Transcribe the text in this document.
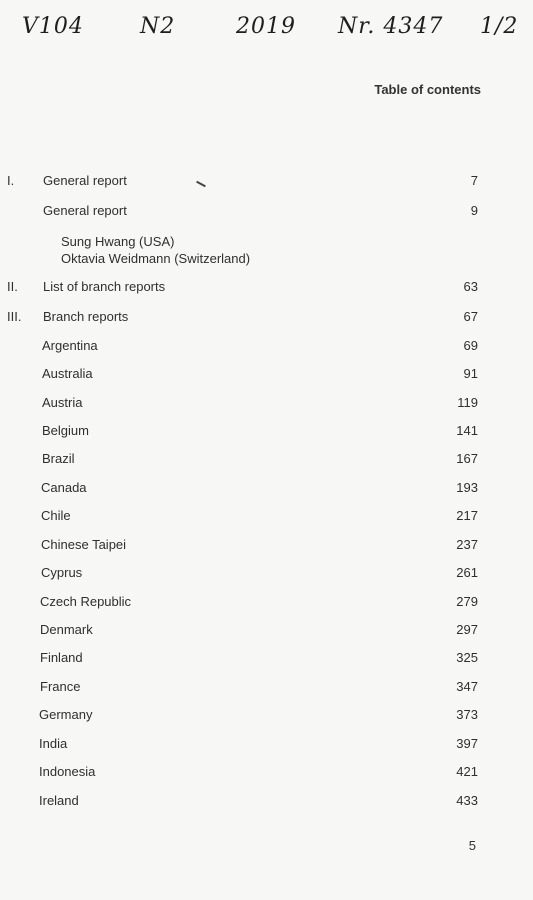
V104	N2	2019 Nr. 4347 1/2
Table of contents
I. General report	7
General report	9
Sung Hwang (USA)
Oktavia Weidmann (Switzerland)
II. List of branch reports	63
III. Branch reports	67
Argentina	69
Australia	91
Austria	119
Belgium	141
Brazil	167
Canada	193
Chile	217
Chinese Taipei	237
Cyprus	261
Czech Republic	279
Denmark	297
Finland	325
France	347
Germany	373
India	397
Indonesia	421
Ireland	433
5
